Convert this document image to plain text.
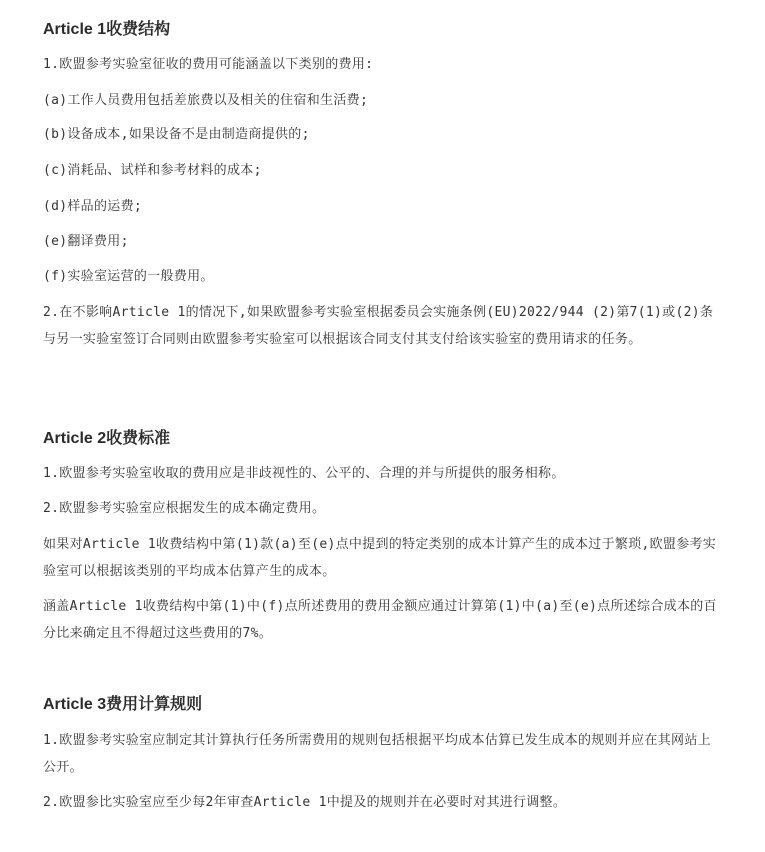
Article 1收费结构

1.欧盟参考实验室征收的费用可能涵盖以下类别的费用:

(a)工作人员费用包括差旅费以及相关的住宿和生活费;

(b)设备成本,如果设备不是由制造商提供的;

(c)消耗品、试样和参考材料的成本;

(d)样品的运费;

(e)翻译费用;

(f)实验室运营的一般费用。

2.在不影响Article 1的情况下,如果欧盟参考实验室根据委员会实施条例(EU)2022/944 (2)第7(1)或(2)条与另一实验室签订合同则由欧盟参考实验室可以根据该合同支付其支付给该实验室的费用请求的任务。

Article 2收费标准

1.欧盟参考实验室收取的费用应是非歧视性的、公平的、合理的并与所提供的服务相称。

2.欧盟参考实验室应根据发生的成本确定费用。

如果对Article 1收费结构中第(1)款(a)至(e)点中提到的特定类别的成本计算产生的成本过于繁琐,欧盟参考实验室可以根据该类别的平均成本估算产生的成本。

涵盖Article 1收费结构中第(1)中(f)点所述费用的费用金额应通过计算第(1)中(a)至(e)点所述综合成本的百分比来确定且不得超过这些费用的7%。

Article 3费用计算规则

1.欧盟参考实验室应制定其计算执行任务所需费用的规则包括根据平均成本估算已发生成本的规则并应在其网站上公开。

2.欧盟参比实验室应至少每2年审查Article 1中提及的规则并在必要时对其进行调整。
